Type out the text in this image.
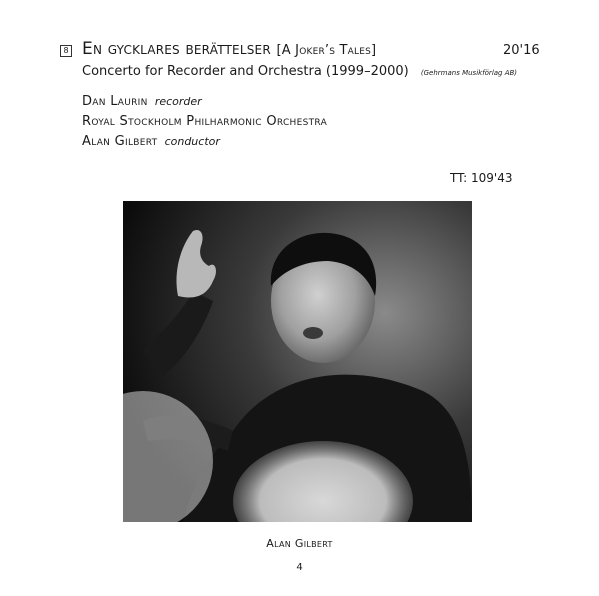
8 En gycklares berättelser [A Joker’s Tales]	20'16
Concerto for Recorder and Orchestra (1999–2000) (Gehrmans Musikförlag AB)
Dan Laurin recorder
Royal Stockholm Philharmonic Orchestra
Alan Gilbert conductor
TT: 109'43
Alan Gilbert
4
